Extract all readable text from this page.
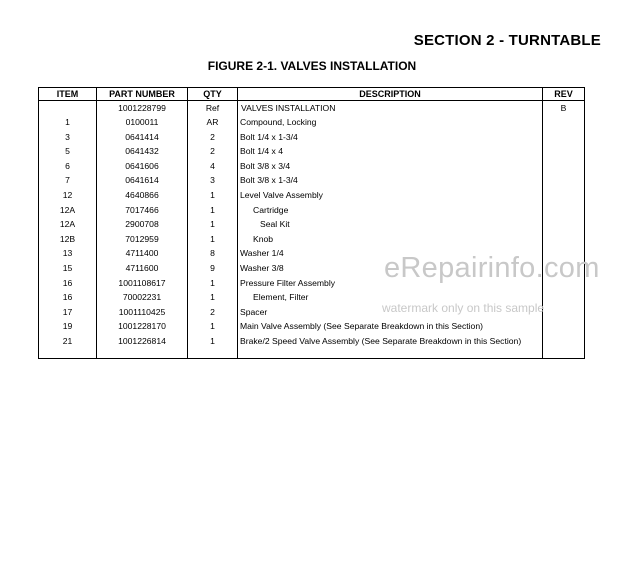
SECTION 2 - TURNTABLE
FIGURE 2-1. VALVES INSTALLATION
ITEM	PART NUMBER	QTY	DESCRIPTION	REV
	1001228799	Ref	VALVES INSTALLATION	B
1	0100011	AR	Compound, Locking	
3	0641414	2	Bolt 1/4 x 1-3/4	
5	0641432	2	Bolt 1/4 x 4	
6	0641606	4	Bolt 3/8 x 3/4	
7	0641614	3	Bolt 3/8 x 1-3/4	
12	4640866	1	Level Valve Assembly	
12A	7017466	1	Cartridge	
12A	2900708	1	Seal Kit	
12B	7012959	1	Knob	
13	4711400	8	Washer 1/4	
15	4711600	9	Washer 3/8	
16	1001108617	1	Pressure Filter Assembly	
16	70002231	1	Element, Filter	
17	1001110425	2	Spacer	
19	1001228170	1	Main Valve Assembly (See Separate Breakdown in this Section)	
21	1001226814	1	Brake/2 Speed Valve Assembly (See Separate Breakdown in this Section)	
eRepairinfo.com
watermark only on this sample
